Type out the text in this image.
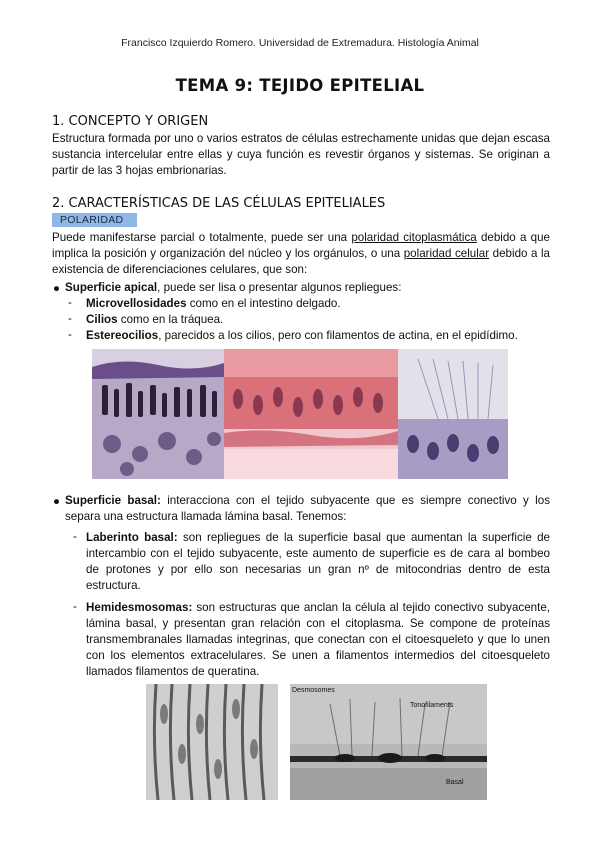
Francisco Izquierdo Romero. Universidad de Extremadura. Histología Animal
TEMA 9: TEJIDO EPITELIAL
1. CONCEPTO Y ORIGEN
Estructura formada por uno o varios estratos de células estrechamente unidas que dejan escasa sustancia intercelular entre ellas y cuya función es revestir órganos y sistemas. Se originan a partir de las 3 hojas embrionarias.
2. CARACTERÍSTICAS DE LAS CÉLULAS EPITELIALES
POLARIDAD
Puede manifestarse parcial o totalmente, puede ser una polaridad citoplasmática debido a que implica la posición y organización del núcleo y los orgánulos, o una polaridad celular debido a la existencia de diferenciaciones celulares, que son:
● Superficie apical, puede ser lisa o presentar algunos repliegues:
- Microvellosidades como en el intestino delgado.
- Cilios como en la tráquea.
- Estereocilios, parecidos a los cilios, pero con filamentos de actina, en el epidídimo.
● Superficie basal: interacciona con el tejido subyacente que es siempre conectivo y los separa una estructura llamada lámina basal. Tenemos:
- Laberinto basal: son repliegues de la superficie basal que aumentan la superficie de intercambio con el tejido subyacente, este aumento de superficie es de cara al bombeo de protones y por ello son necesarias un gran nº de mitocondrias dentro de esta estructura.
- Hemidesmosomas: son estructuras que anclan la célula al tejido conectivo subyacente, lámina basal, y presentan gran relación con el citoplasma. Se compone de proteínas transmembranales llamadas integrinas, que conectan con el citoesqueleto y que lo unen con los elementos extracelulares. Se unen a filamentos intermedios del citoesqueleto llamados filamentos de queratina.
Desmosomes
Tonofilaments
Basal
